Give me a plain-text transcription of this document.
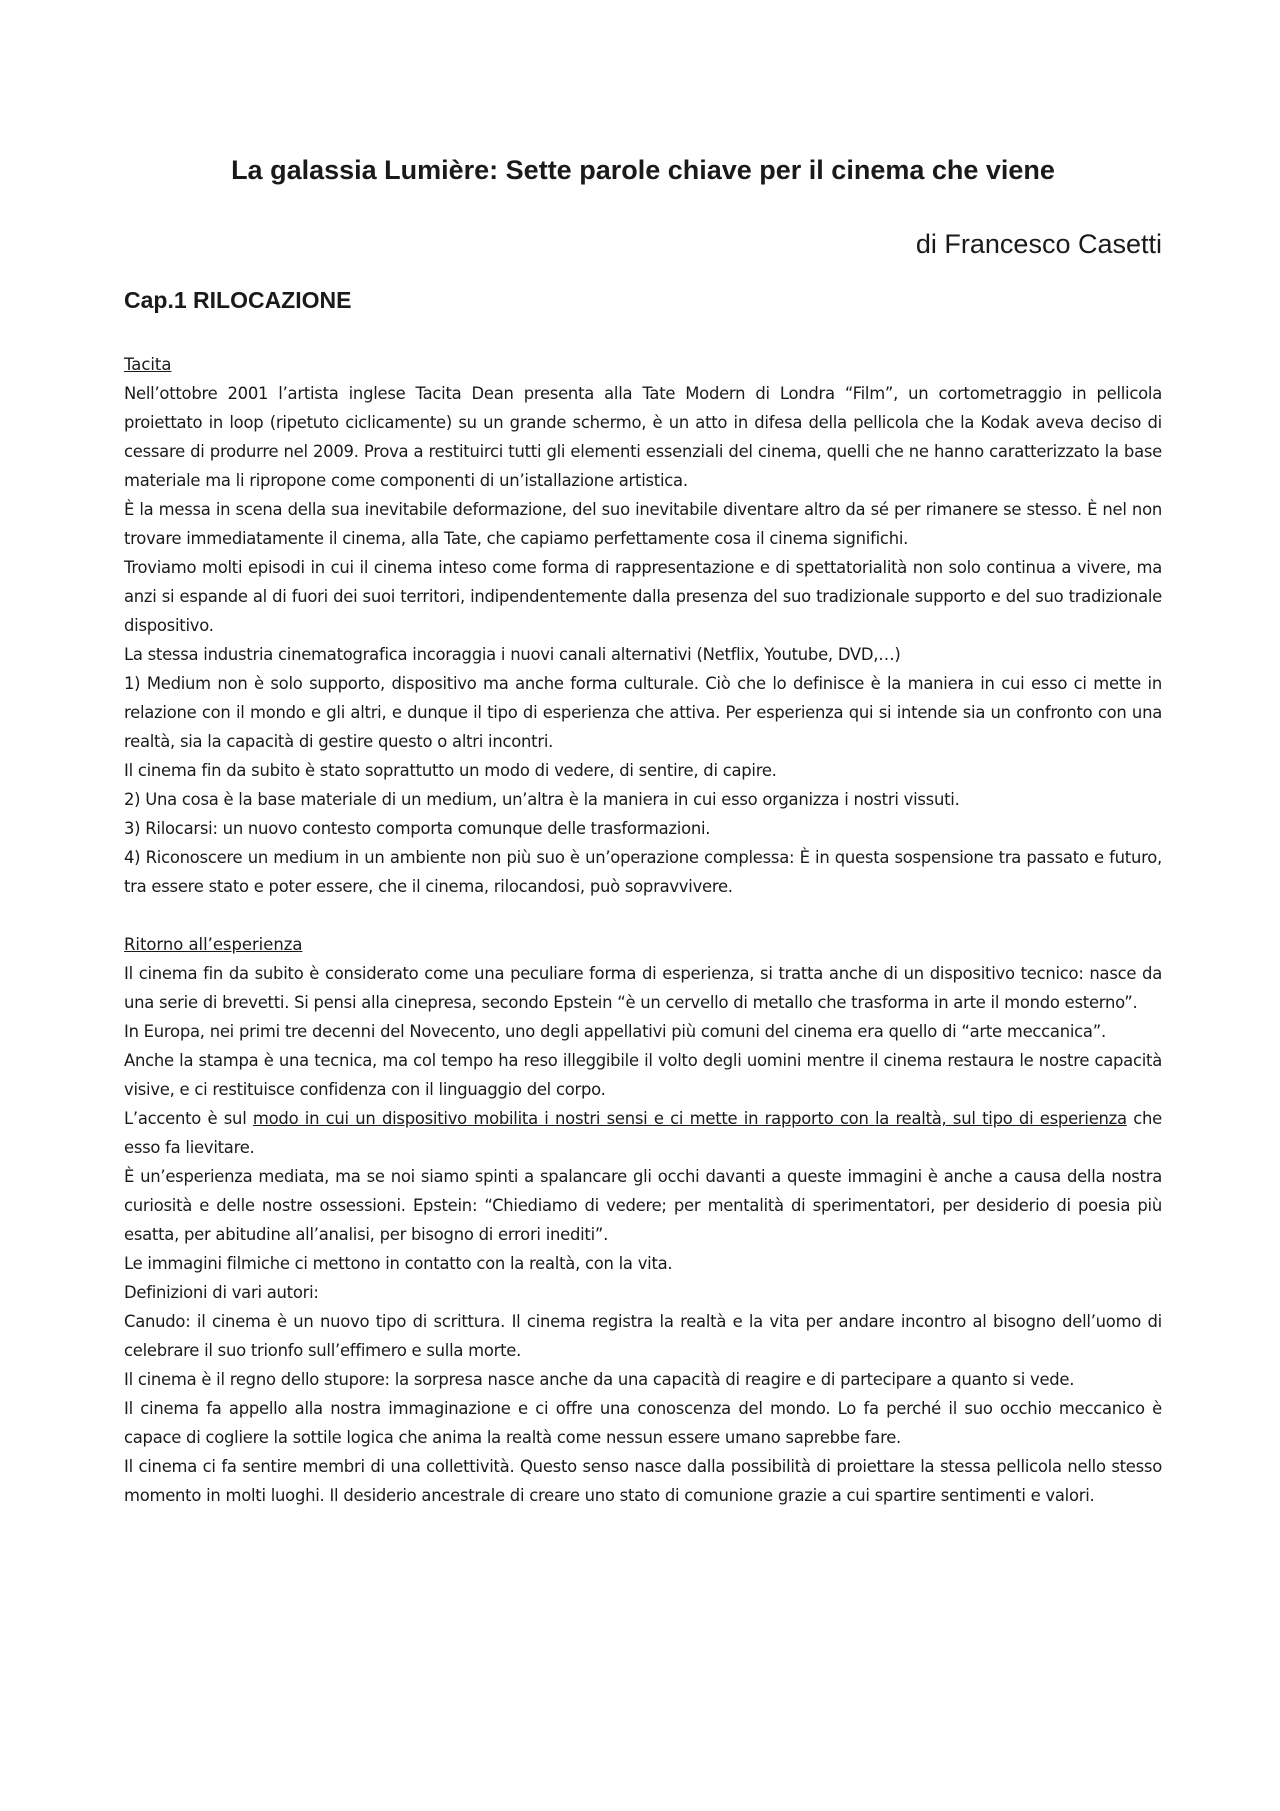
La galassia Lumière: Sette parole chiave per il cinema che viene
di Francesco Casetti
Cap.1 RILOCAZIONE

Tacita

Nell’ottobre 2001 l’artista inglese Tacita Dean presenta alla Tate Modern di Londra “Film”, un cortometraggio in pellicola proiettato in loop (ripetuto ciclicamente) su un grande schermo, è un atto in difesa della pellicola che la Kodak aveva deciso di cessare di produrre nel 2009. Prova a restituirci tutti gli elementi essenziali del cinema, quelli che ne hanno caratterizzato la base materiale ma li ripropone come componenti di un’istallazione artistica.

È la messa in scena della sua inevitabile deformazione, del suo inevitabile diventare altro da sé per rimanere se stesso. È nel non trovare immediatamente il cinema, alla Tate, che capiamo perfettamente cosa il cinema significhi.

Troviamo molti episodi in cui il cinema inteso come forma di rappresentazione e di spettatorialità non solo continua a vivere, ma anzi si espande al di fuori dei suoi territori, indipendentemente dalla presenza del suo tradizionale supporto e del suo tradizionale dispositivo.

La stessa industria cinematografica incoraggia i nuovi canali alternativi (Netflix, Youtube, DVD,…)

1) Medium non è solo supporto, dispositivo ma anche forma culturale. Ciò che lo definisce è la maniera in cui esso ci mette in relazione con il mondo e gli altri, e dunque il tipo di esperienza che attiva. Per esperienza qui si intende sia un confronto con una realtà, sia la capacità di gestire questo o altri incontri.

Il cinema fin da subito è stato soprattutto un modo di vedere, di sentire, di capire.

2) Una cosa è la base materiale di un medium, un’altra è la maniera in cui esso organizza i nostri vissuti.

3) Rilocarsi: un nuovo contesto comporta comunque delle trasformazioni.

4) Riconoscere un medium in un ambiente non più suo è un’operazione complessa: È in questa sospensione tra passato e futuro, tra essere stato e poter essere, che il cinema, rilocandosi, può sopravvivere.

Ritorno all’esperienza

Il cinema fin da subito è considerato come una peculiare forma di esperienza, si tratta anche di un dispositivo tecnico: nasce da una serie di brevetti. Si pensi alla cinepresa, secondo Epstein “è un cervello di metallo che trasforma in arte il mondo esterno”.

In Europa, nei primi tre decenni del Novecento, uno degli appellativi più comuni del cinema era quello di “arte meccanica”.

Anche la stampa è una tecnica, ma col tempo ha reso illeggibile il volto degli uomini mentre il cinema restaura le nostre capacità visive, e ci restituisce confidenza con il linguaggio del corpo.

L’accento è sul modo in cui un dispositivo mobilita i nostri sensi e ci mette in rapporto con la realtà, sul tipo di esperienza che esso fa lievitare.

È un’esperienza mediata, ma se noi siamo spinti a spalancare gli occhi davanti a queste immagini è anche a causa della nostra curiosità e delle nostre ossessioni. Epstein: “Chiediamo di vedere; per mentalità di sperimentatori, per desiderio di poesia più esatta, per abitudine all’analisi, per bisogno di errori inediti”.

Le immagini filmiche ci mettono in contatto con la realtà, con la vita.

Definizioni di vari autori:

Canudo: il cinema è un nuovo tipo di scrittura. Il cinema registra la realtà e la vita per andare incontro al bisogno dell’uomo di celebrare il suo trionfo sull’effimero e sulla morte.

Il cinema è il regno dello stupore: la sorpresa nasce anche da una capacità di reagire e di partecipare a quanto si vede.

Il cinema fa appello alla nostra immaginazione e ci offre una conoscenza del mondo. Lo fa perché il suo occhio meccanico è capace di cogliere la sottile logica che anima la realtà come nessun essere umano saprebbe fare.

Il cinema ci fa sentire membri di una collettività. Questo senso nasce dalla possibilità di proiettare la stessa pellicola nello stesso momento in molti luoghi. Il desiderio ancestrale di creare uno stato di comunione grazie a cui spartire sentimenti e valori.
